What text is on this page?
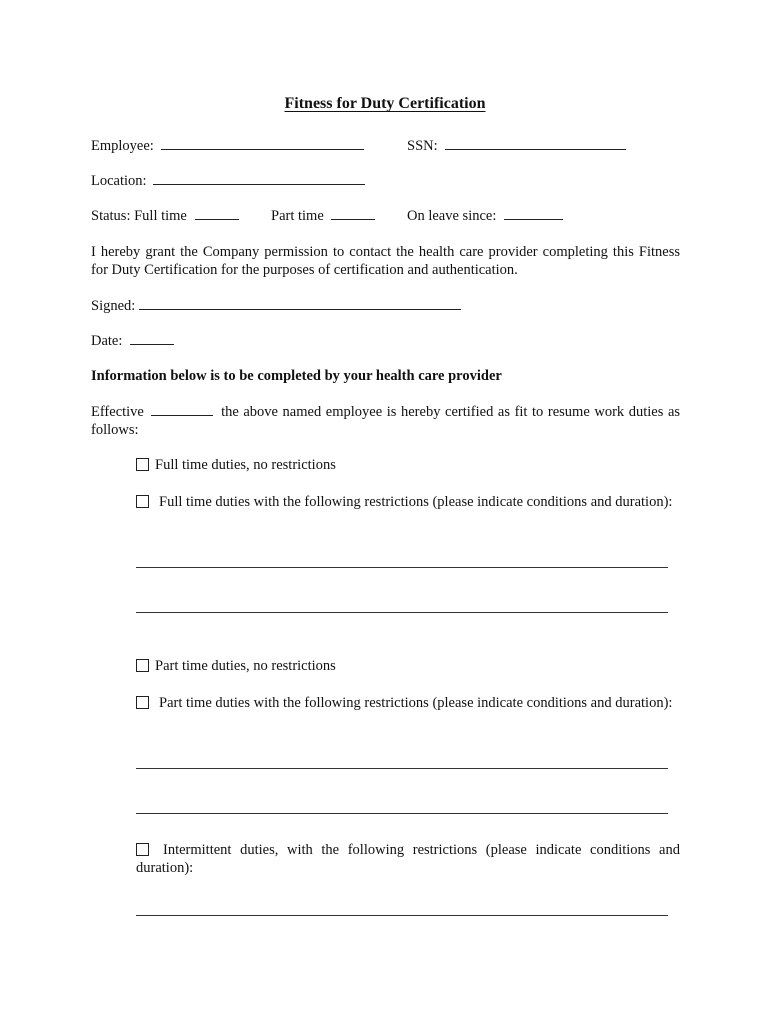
Fitness for Duty Certification
Employee:	SSN:
Location:
Status: Full time	Part time	On leave since:
I hereby grant the Company permission to contact the health care provider completing this Fitness for Duty Certification for the purposes of certification and authentication.
Signed:
Date:
Information below is to be completed by your health care provider
Effective	the above named employee is hereby certified as fit to resume work duties as follows:
Full time duties, no restrictions
Full time duties with the following restrictions (please indicate conditions and duration):
Part time duties, no restrictions
Part time duties with the following restrictions (please indicate conditions and duration):
Intermittent duties, with the following restrictions (please indicate conditions and duration):
